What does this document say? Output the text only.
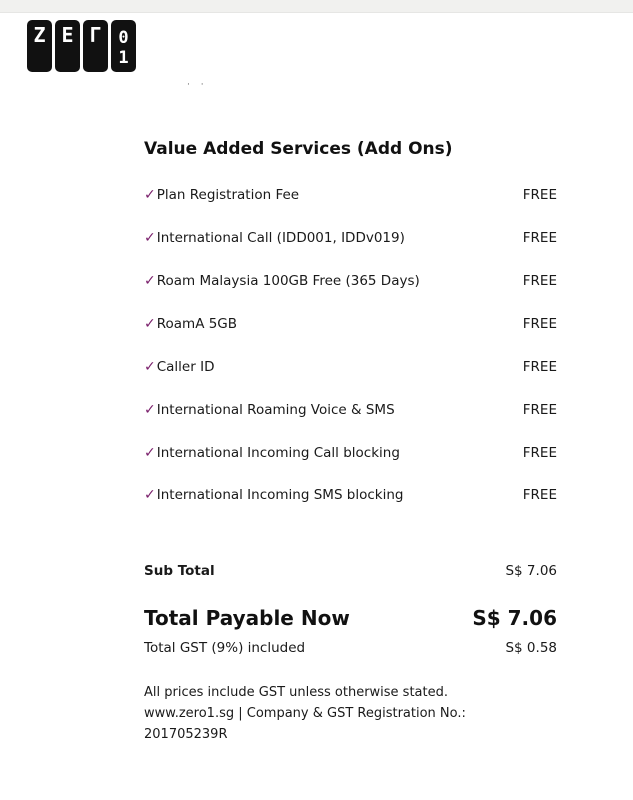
Z E Γ 0
1
· ·
Value Added Services (Add Ons)
✓ Plan Registration Fee	FREE
✓ International Call (IDD001, IDDv019)	FREE
✓ Roam Malaysia 100GB Free (365 Days)	FREE
✓ RoamA 5GB	FREE
✓ Caller ID	FREE
✓ International Roaming Voice & SMS	FREE
✓ International Incoming Call blocking	FREE
✓ International Incoming SMS blocking	FREE
Sub Total	S$ 7.06
Total Payable Now	S$ 7.06
Total GST (9%) included	S$ 0.58
All prices include GST unless otherwise stated.
www.zero1.sg | Company & GST Registration No.:
201705239R
